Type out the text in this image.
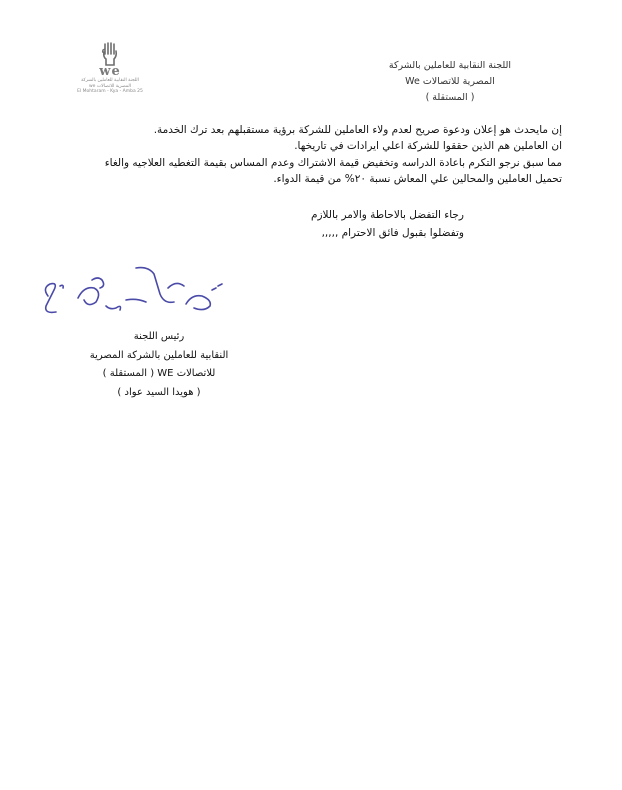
we
اللجنة النقابية للعاملين بالشركة
المصرية للاتصالات we
El Mohtaram - Kya - Amba 25
اللجنة النقابية للعاملين بالشركة
المصرية للاتصالات We
( المستقلة )

إن مايحدث هو إعلان ودعوة صريح لعدم ولاء العاملين للشركة برؤية مستقبلهم بعد ترك الخدمة.

ان العاملين هم الذين حققوا للشركة اعلي ايرادات في تاريخها.

مما سبق نرجو التكرم باعادة الدراسه وتخفيض قيمة الاشتراك وعدم المساس بقيمة التغطيه العلاجيه والغاء

تحميل العاملين والمحالين علي المعاش نسبة ٢٠% من قيمة الدواء.

رجاء التفضل بالاحاطة والامر باللازم

وتفضلوا بقبول فائق الاحترام ,,,,,

رئيس اللجنة

النقابية للعاملين بالشركة المصرية

للاتصالات WE ( المستقلة )

( هويدا السيد عواد )
